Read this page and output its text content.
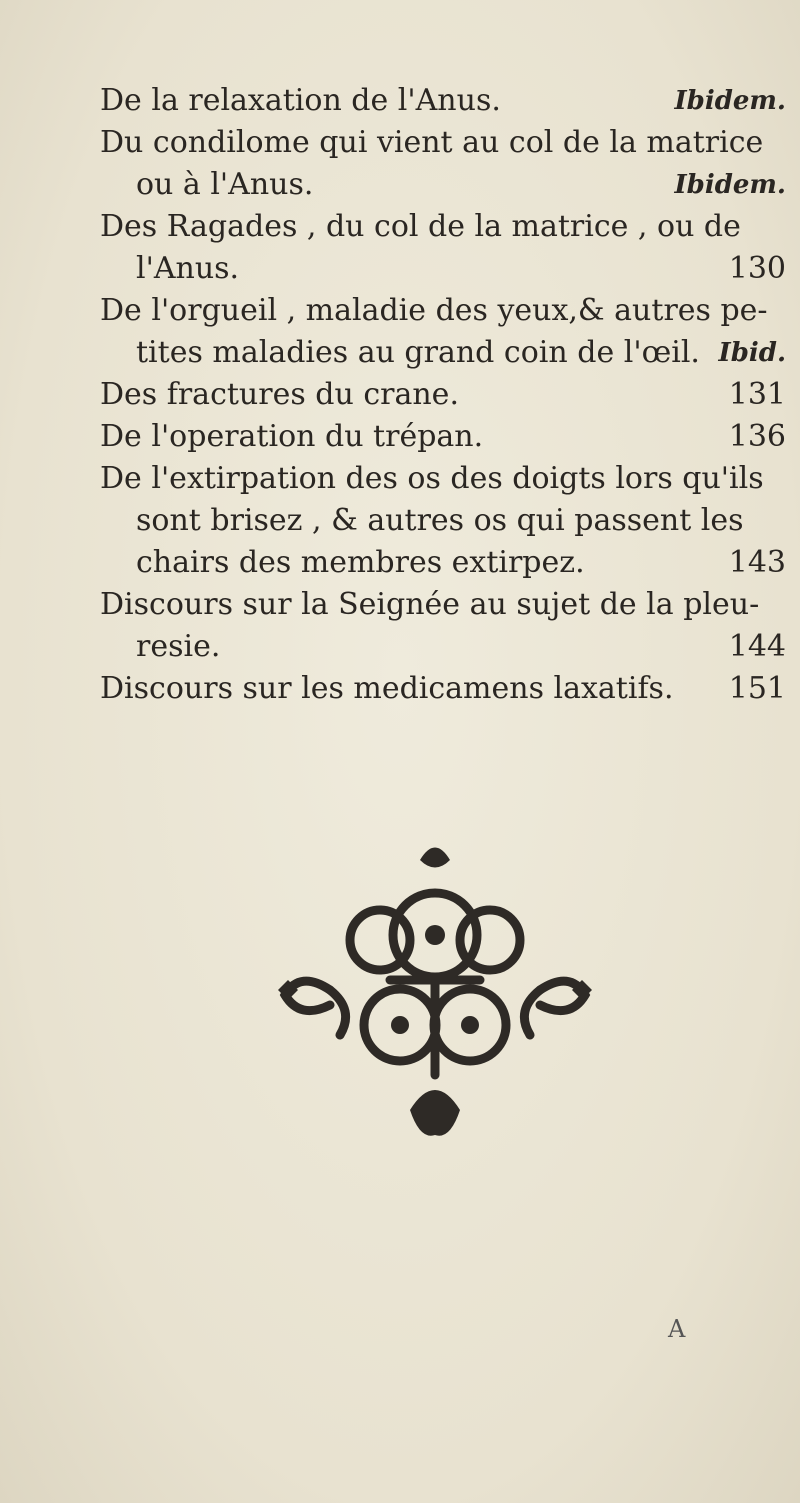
De la relaxation de l'Anus.	Ibidem.
Du condilome qui vient au col de la matrice
ou à l'Anus.	Ibidem.
Des Ragades , du col de la matrice , ou de
l'Anus.	130
De l'orgueil , maladie des yeux,& autres pe-
tites maladies au grand coin de l'œil. Ibid.
Des fractures du crane.	131
De l'operation du trépan.	136
De l'extirpation des os des doigts lors qu'ils
sont brisez , & autres os qui passent les
chairs des membres extirpez.	143
Discours sur la Seignée au sujet de la pleu-
resie.	144
Discours sur les medicamens laxatifs. 151
A
